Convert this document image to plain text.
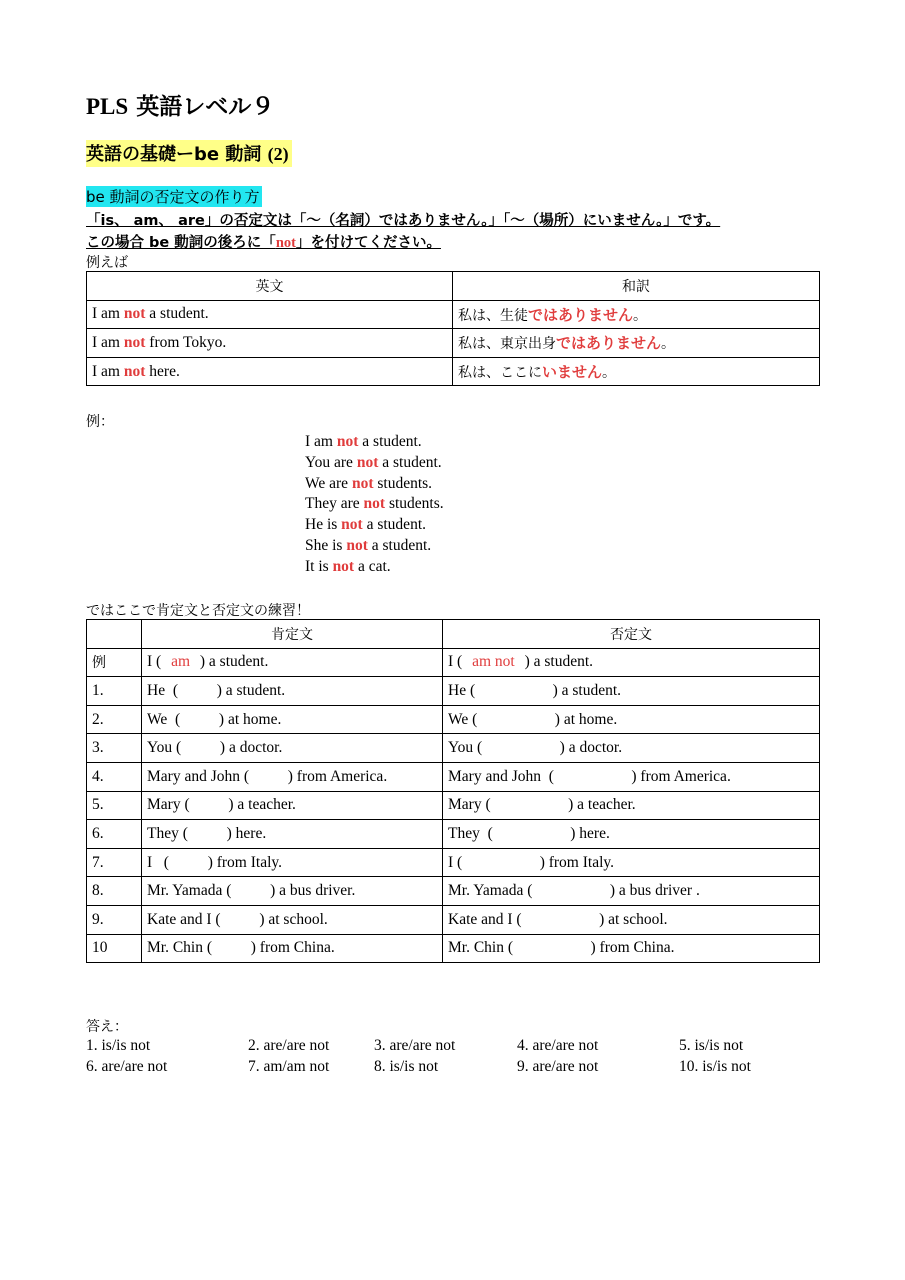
PLS 英語レベル９
英語の基礎ーbe 動詞 (2)
be 動詞の否定文の作り方
「is、 am、 are」の否定文は「〜（名詞）ではありません。」「〜（場所）にいません。」です。
この場合 be 動詞の後ろに「not」を付けてください。
例えば
英文	和訳
I am not a student.	私は、生徒ではありません。
I am not from Tokyo.	私は、東京出身ではありません。
I am not here.	私は、ここにいません。
例：
I am not a student.
You are not a student.
We are not students.
They are not students.
He is not a student.
She is not a student.
It is not a cat.
ではここで肯定文と否定文の練習！
	肯定文	否定文
例	I ( am ) a student.	I ( am not ) a student.
1.	He  (          ) a student.	He (                    ) a student.
2.	We  (          ) at home.	We (                    ) at home.
3.	You (          ) a doctor.	You (                    ) a doctor.
4.	Mary and John (          ) from America.	Mary and John  (                    ) from America.
5.	Mary (          ) a teacher.	Mary (                    ) a teacher.
6.	They (          ) here.	They  (                    ) here.
7.	I   (          ) from Italy.	I (                    ) from Italy.
8.	Mr. Yamada (          ) a bus driver.	Mr. Yamada (                    ) a bus driver .
9.	Kate and I (          ) at school.	Kate and I (                    ) at school.
10	Mr. Chin (          ) from China.	Mr. Chin (                    ) from China.
答え：
1. is/is not	2. are/are not	3. are/are not	4. are/are not	5. is/is not
6. are/are not	7. am/am not	8. is/is not	9. are/are not	10. is/is not
